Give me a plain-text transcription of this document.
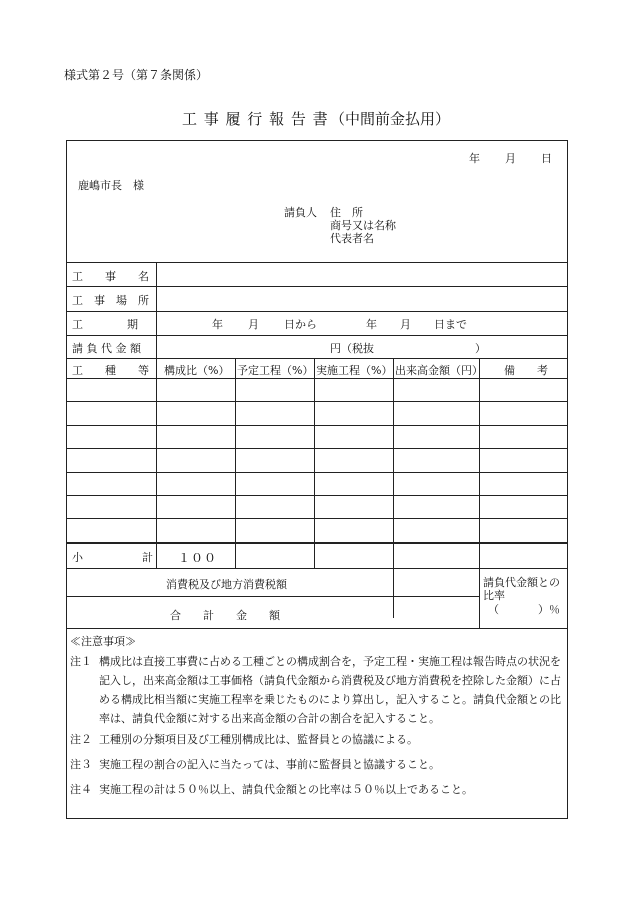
様式第２号（第７条関係）
工 事 履 行 報 告 書 （中間前金払用）
年 月 日
鹿嶋市長　様
請負人 住　所
商号又は名称
代表者名
工　　事　　名
工　事　場　所
工　　　　期	年 月 日から	年 月 日まで
請 負 代 金 額	円（税抜	）
工　　種　　等 構成比（%） 予定工程（%） 実施工程（%） 出来高金額（円） 備　　考
小	計 １００
消費税及び地方消費税額
合　　計　　金　　額
請負代金額との
比率
（	）％
≪注意事項≫
注１ 構成比は直接工事費に占める工種ごとの構成割合を，予定工程・実施工程は報告時点の状況を記入し，出来高金額は工事価格（請負代金額から消費税及び地方消費税を控除した金額）に占める構成比相当額に実施工程率を乗じたものにより算出し，記入すること。請負代金額との比率は、請負代金額に対する出来高金額の合計の割合を記入すること。
注２ 工種別の分類項目及び工種別構成比は、監督員との協議による。
注３ 実施工程の割合の記入に当たっては、事前に監督員と協議すること。
注４ 実施工程の計は５０％以上、請負代金額との比率は５０％以上であること。
